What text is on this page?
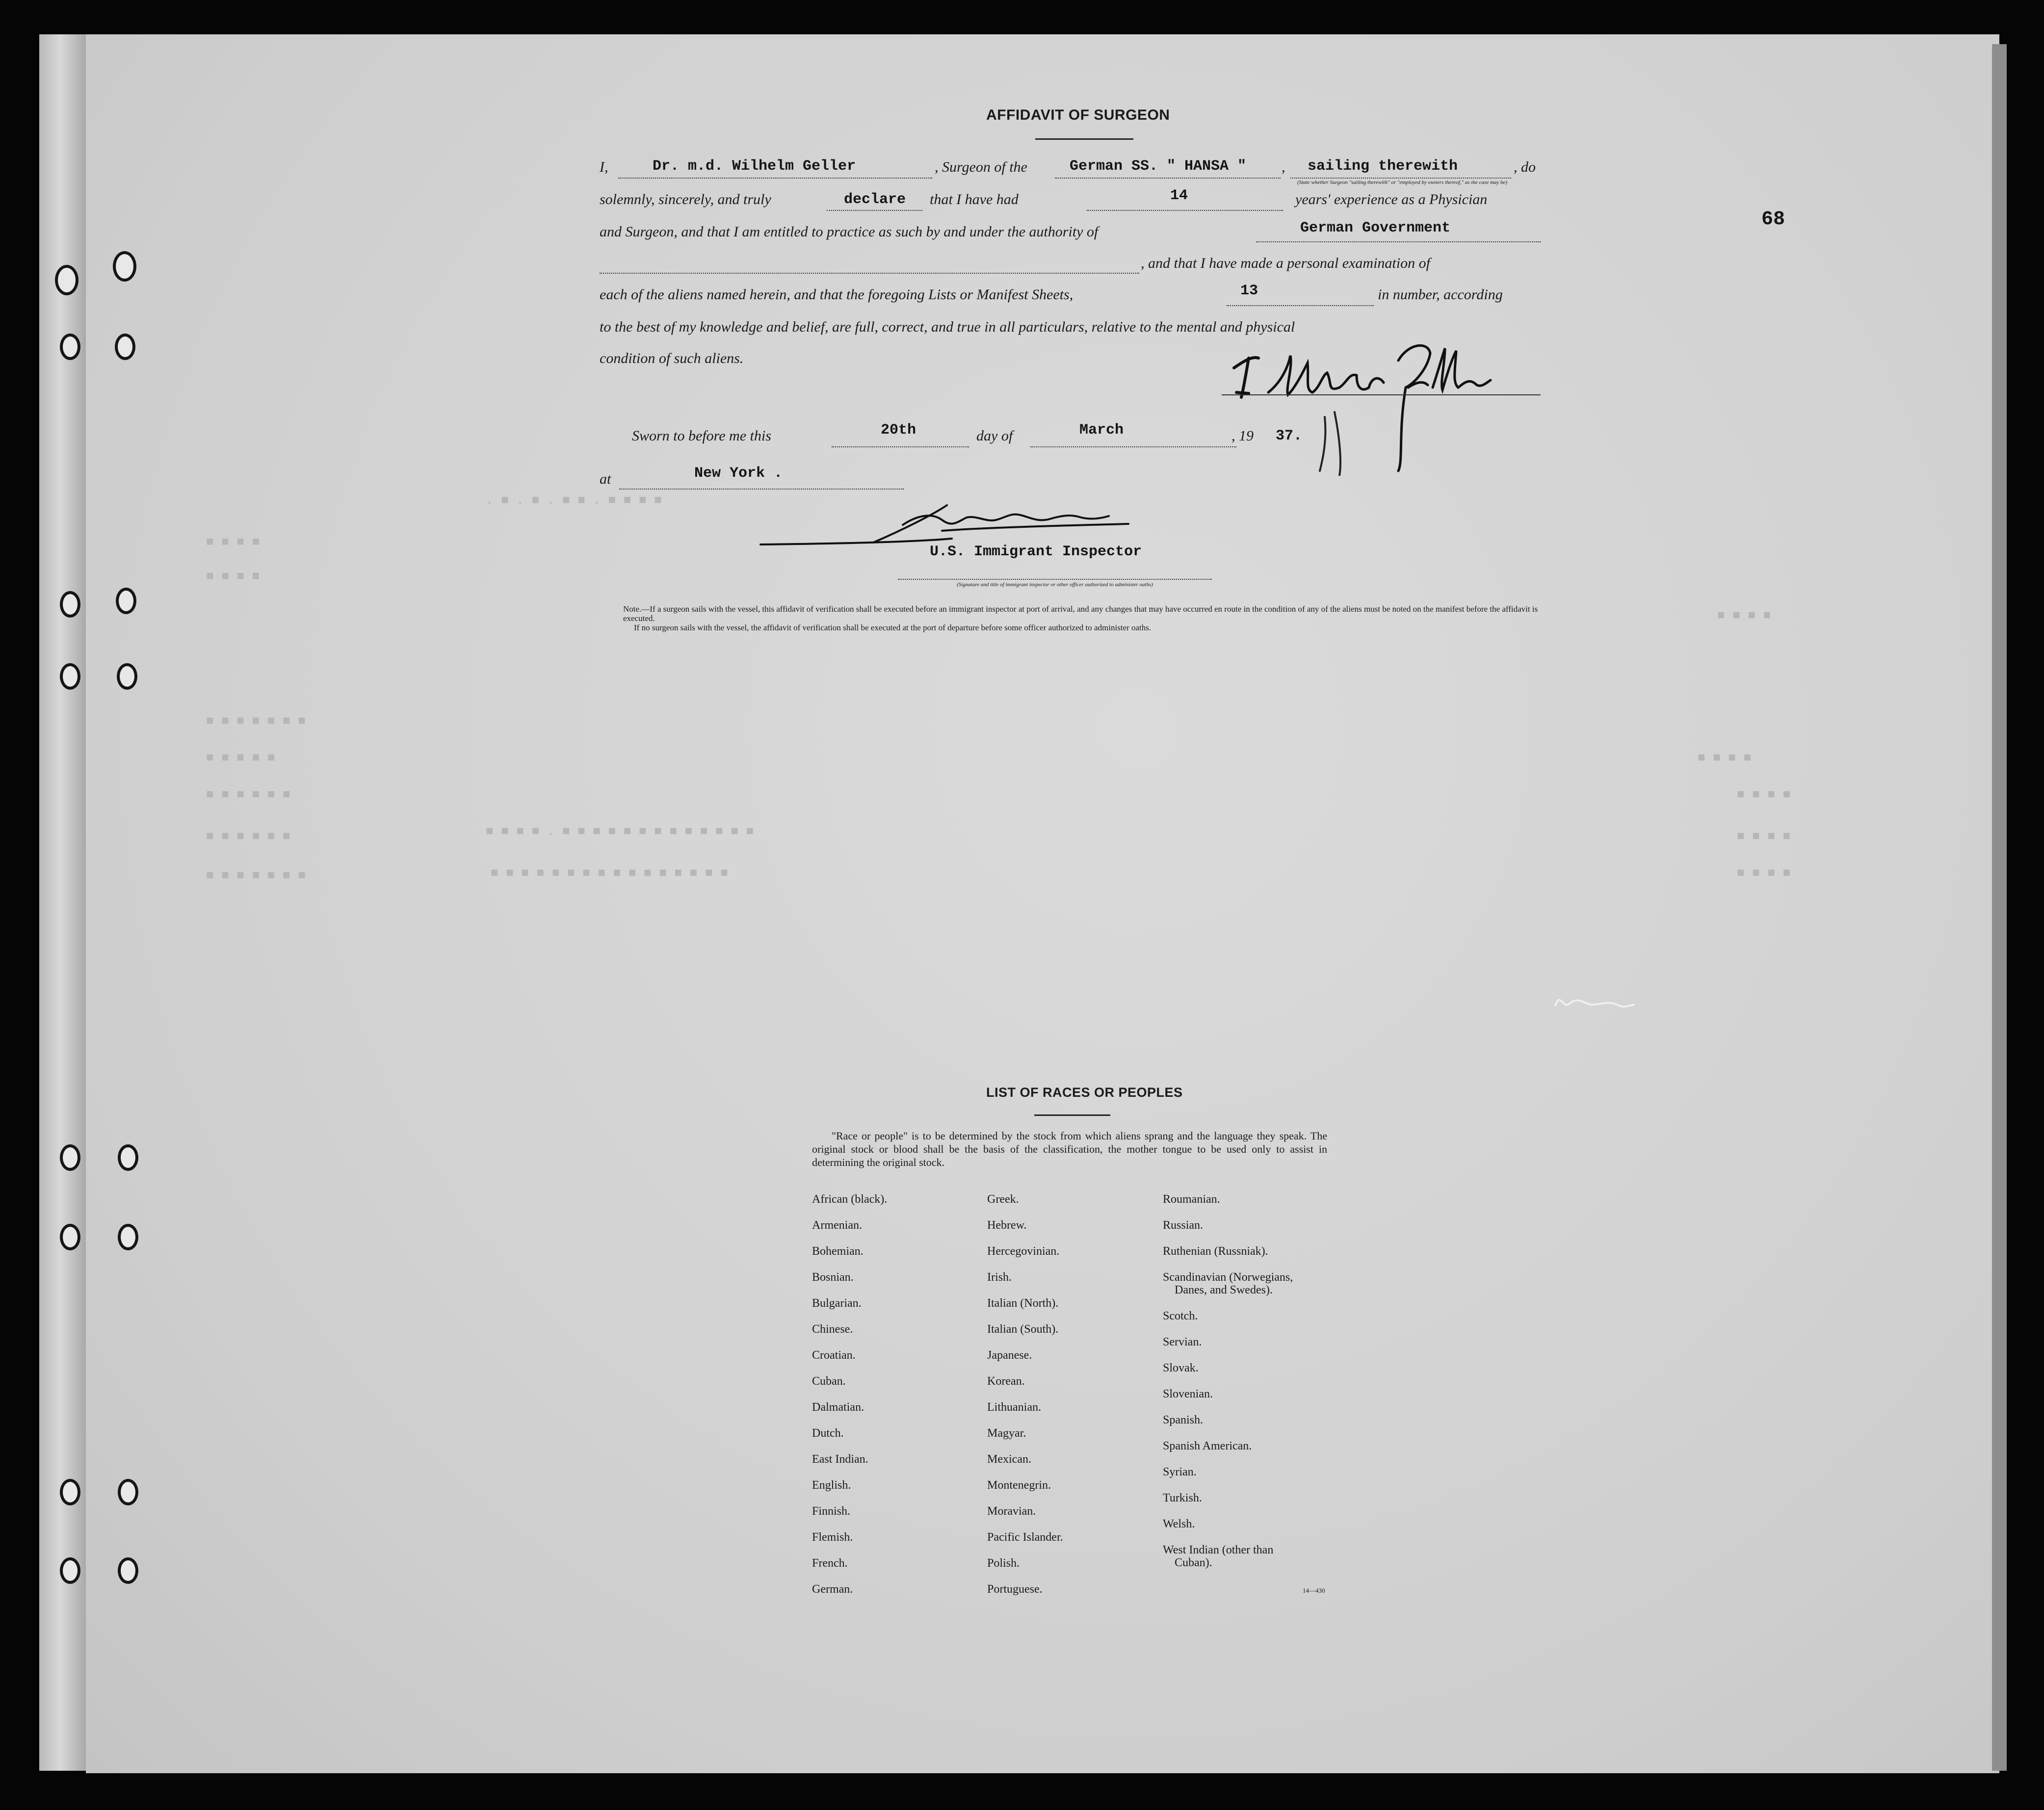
68
. ■ . ■ . ■ ■ . ■ ■ ■ ■
■ ■ ■ ■
■ ■ ■ ■
■ ■ ■ ■ ■ ■ ■
■ ■ ■ ■ ■
■ ■ ■ ■ ■ ■
■ ■ ■ ■ ■ ■
■ ■ ■ ■ ■ ■ ■
■ ■ ■ ■ . ■ ■ ■ ■ ■ ■ ■ ■ ■ ■ ■ ■ ■
■ ■ ■ ■ ■ ■ ■ ■ ■ ■ ■ ■ ■ ■ ■ ■
■ ■ ■ ■
■ ■ ■ ■
■ ■ ■ ■
■ ■ ■ ■
■ ■ ■ ■
AFFIDAVIT OF SURGEON
I,	Dr. m.d. Wilhelm Geller	, Surgeon of the	German SS. " HANSA " , sailing therewith	, do
(State whether Surgeon "sailing therewith" or "employed by owners thereof," as the case may be)
solemnly, sincerely, and truly	declare that I have had	14	years' experience as a Physician
and Surgeon, and that I am entitled to practice as such by and under the authority of	German Government
, and that I have made a personal examination of
each of the aliens named herein, and that the foregoing Lists or Manifest Sheets,	13	in number, according
to the best of my knowledge and belief, are full, correct, and true in all particulars, relative to the mental and physical
condition of such aliens.
Sworn to before me this	20th	day of	March	, 19 37.
at	New York .
U.S. Immigrant Inspector
(Signature and title of immigrant inspector or other officer authorized to administer oaths)
Note.—If a surgeon sails with the vessel, this affidavit of verification shall be executed before an immigrant inspector at port of arrival, and any changes that may have occurred en route in the condition of any of the aliens must be noted on the manifest before the affidavit is executed.
If no surgeon sails with the vessel, the affidavit of verification shall be executed at the port of departure before some officer authorized to administer oaths.
LIST OF RACES OR PEOPLES
"Race or people" is to be determined by the stock from which aliens sprang and the language they speak. The original stock or blood shall be the basis of the classification, the mother tongue to be used only to assist in determining the original stock.
African (black).
Armenian.
Bohemian.
Bosnian.
Bulgarian.
Chinese.
Croatian.
Cuban.
Dalmatian.
Dutch.
East Indian.
English.
Finnish.
Flemish.
French.
German.
Greek.
Hebrew.
Hercegovinian.
Irish.
Italian (North).
Italian (South).
Japanese.
Korean.
Lithuanian.
Magyar.
Mexican.
Montenegrin.
Moravian.
Pacific Islander.
Polish.
Portuguese.
Roumanian.
Russian.
Ruthenian (Russniak).
Scandinavian (Norwegians,
Danes, and Swedes).
Scotch.
Servian.
Slovak.
Slovenian.
Spanish.
Spanish American.
Syrian.
Turkish.
Welsh.
West Indian (other than
Cuban).
14—430
